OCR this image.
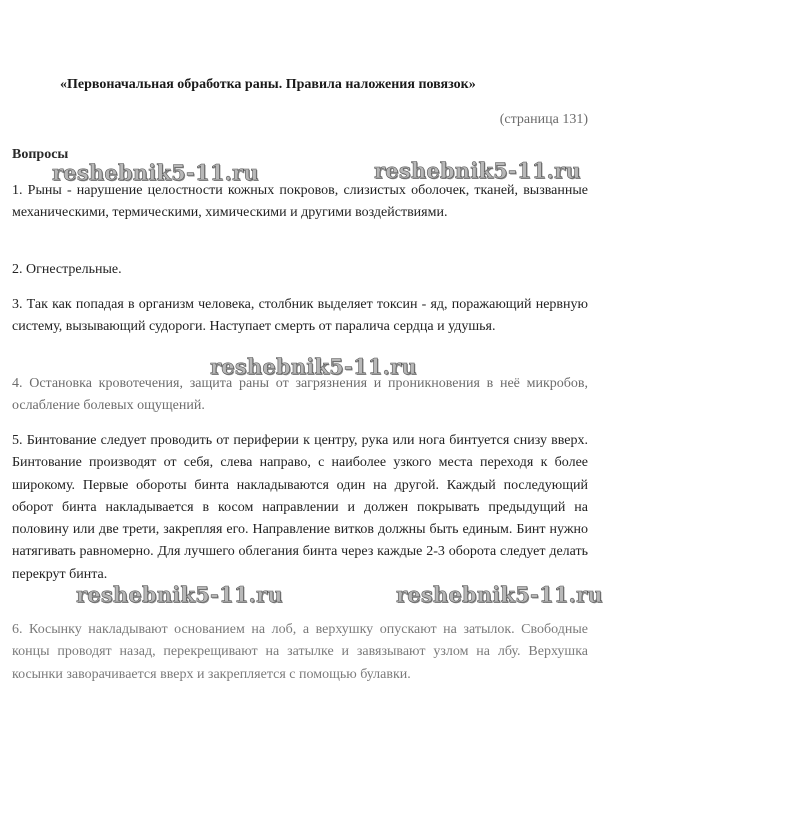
«Первоначальная обработка раны. Правила наложения повязок»
(страница 131)
Вопросы

1. Рыны - нарушение целостности кожных покровов, слизистых оболочек, тканей, вызванные механическими, термическими, химическими и другими воздействиями.

2. Огнестрельные.

3. Так как попадая в организм человека, столбник выделяет токсин - яд, поражающий нервную систему, вызывающий судороги. Наступает смерть от паралича сердца и удушья.

4. Остановка кровотечения, защита раны от загрязнения и проникновения в неё микробов, ослабление болевых ощущений.

5. Бинтование следует проводить от периферии к центру, рука или нога бинтуется снизу вверх. Бинтование производят от себя, слева направо, с наиболее узкого места переходя к более широкому. Первые обороты бинта накладываются один на другой. Каждый последующий оборот бинта накладывается в косом направлении и должен покрывать предыдущий на половину или две трети, закрепляя его. Направление витков должны быть единым. Бинт нужно натягивать равномерно. Для лучшего облегания бинта через каждые 2-3 оборота следует делать перекрут бинта.

6. Косынку накладывают основанием на лоб, а верхушку опускают на затылок. Свободные концы проводят назад, перекрещивают на затылке и завязывают узлом на лбу. Верхушка косынки заворачивается вверх и закрепляется с помощью булавки.

reshebnik5-11.ru	reshebnik5-11.ru
reshebnik5-11.ru
reshebnik5-11.ru	reshebnik5-11.ru
